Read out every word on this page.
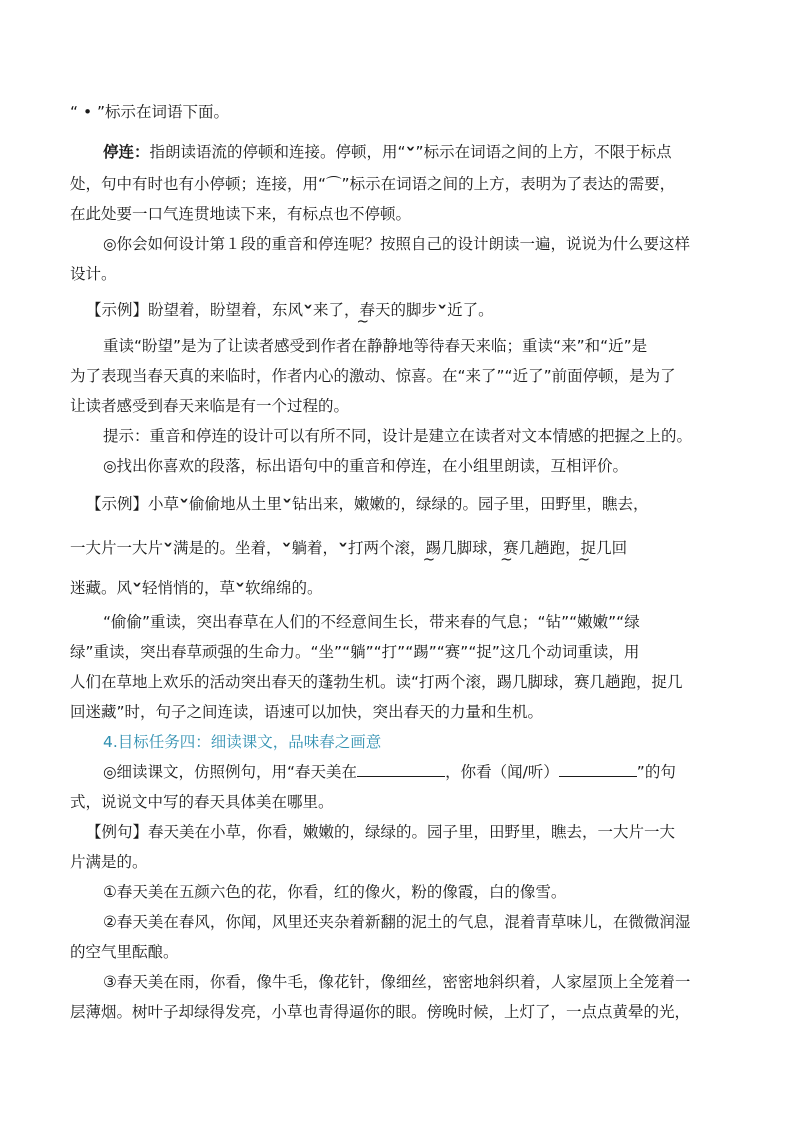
“ • ”标示在词语下面。
停连：指朗读语流的停顿和连接。停顿，用“ ”标示在词语之间的上方，不限于标点
处，句中有时也有小停顿；连接，用“⌒”标示在词语之间的上方，表明为了表达的需要，
在此处要一口气连贯地读下来，有标点也不停顿。
◎你会如何设计第１段的重音和停连呢？按照自己的设计朗读一遍，说说为什么要这样
设计。
【示例】盼望着，盼望着，东风 来了，春天的脚步 近了。
重读“盼望”是为了让读者感受到作者在静静地等待春天来临；重读“来”和“近”是
为了表现当春天真的来临时，作者内心的激动、惊喜。在“来了”“近了”前面停顿，是为了
让读者感受到春天来临是有一个过程的。
提示：重音和停连的设计可以有所不同，设计是建立在读者对文本情感的把握之上的。
◎找出你喜欢的段落，标出语句中的重音和停连，在小组里朗读，互相评价。
【示例】小草 偷偷地从土里 钻出来，嫩嫩的，绿绿的。园子里，田野里，瞧去，
一大片一大片 满是的。坐着， 躺着， 打两个滚，踢几脚球，赛几趟跑，捉几回
迷藏。风 轻悄悄的，草 软绵绵的。
“偷偷”重读，突出春草在人们的不经意间生长，带来春的气息；“钻”“嫩嫩”“绿
绿”重读，突出春草顽强的生命力。“坐”“躺”“打”“踢”“赛”“捉”这几个动词重读，用
人们在草地上欢乐的活动突出春天的蓬勃生机。读“打两个滚，踢几脚球，赛几趟跑，捉几
回迷藏”时，句子之间连读，语速可以加快，突出春天的力量和生机。
4.目标任务四：细读课文，品味春之画意
◎细读课文，仿照例句，用“春天美在	，你看（闻/听）	”的句
式，说说文中写的春天具体美在哪里。
【例句】春天美在小草，你看，嫩嫩的，绿绿的。园子里，田野里，瞧去，一大片一大
片满是的。
①春天美在五颜六色的花，你看，红的像火，粉的像霞，白的像雪。
②春天美在春风，你闻，风里还夹杂着新翻的泥土的气息，混着青草味儿，在微微润湿
的空气里酝酿。
③春天美在雨，你看，像牛毛，像花针，像细丝，密密地斜织着，人家屋顶上全笼着一
层薄烟。树叶子却绿得发亮，小草也青得逼你的眼。傍晚时候，上灯了，一点点黄晕的光，
